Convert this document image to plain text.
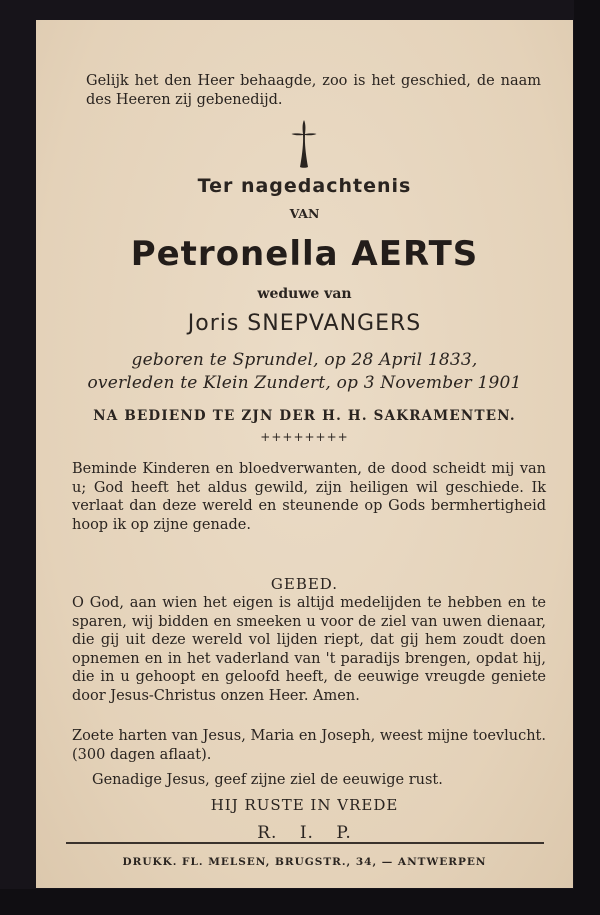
Gelijk het den Heer behaagde, zoo is het geschied, de naam des Heeren zij gebenedijd.
Ter nagedachtenis
VAN
Petronella AERTS
weduwe van
Joris SNEPVANGERS
geboren te Sprundel, op 28 April 1833,
overleden te Klein Zundert, op 3 November 1901
NA BEDIEND TE ZJN DER H. H. SAKRAMENTEN.
++++++++
Beminde Kinderen en bloedverwanten, de dood scheidt mij van u; God heeft het aldus gewild, zijn heiligen wil geschiede. Ik verlaat dan deze wereld en steunende op Gods bermhertigheid hoop ik op zijne genade.
GEBED.
O God, aan wien het eigen is altijd medelijden te hebben en te sparen, wij bidden en smeeken u voor de ziel van uwen dienaar, die gij uit deze wereld vol lijden riept, dat gij hem zoudt doen opnemen en in het vaderland van 't paradijs brengen, opdat hij, die in u gehoopt en geloofd heeft, de eeuwige vreugde geniete door Jesus-Christus onzen Heer. Amen.
Zoete harten van Jesus, Maria en Joseph, weest mijne toevlucht. (300 dagen aflaat).
Genadige Jesus, geef zijne ziel de eeuwige rust.
HIJ RUSTE IN VREDE
R. I. P.
DRUKK. FL. MELSEN, BRUGSTR., 34, — ANTWERPEN
